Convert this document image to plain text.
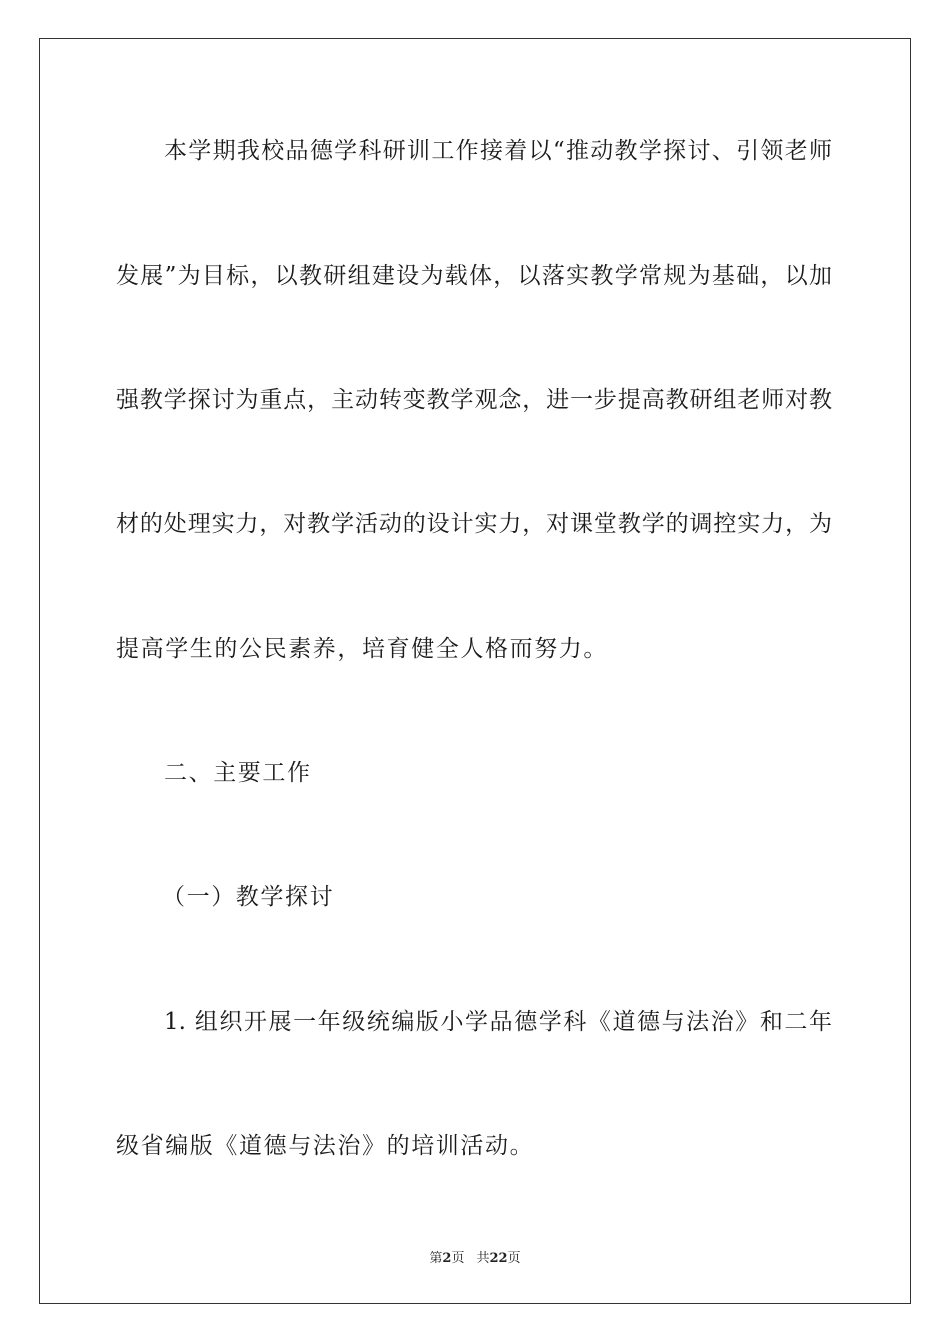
本学期我校品德学科研训工作接着以“推动教学探讨、引领老师
发展”为目标，以教研组建设为载体，以落实教学常规为基础，以加
强教学探讨为重点，主动转变教学观念，进一步提高教研组老师对教
材的处理实力，对教学活动的设计实力，对课堂教学的调控实力，为
提高学生的公民素养，培育健全人格而努力。
二、主要工作
（一）教学探讨
1. 组织开展一年级统编版小学品德学科《道德与法治》和二年
级省编版《道德与法治》的培训活动。
第2页 共22页
